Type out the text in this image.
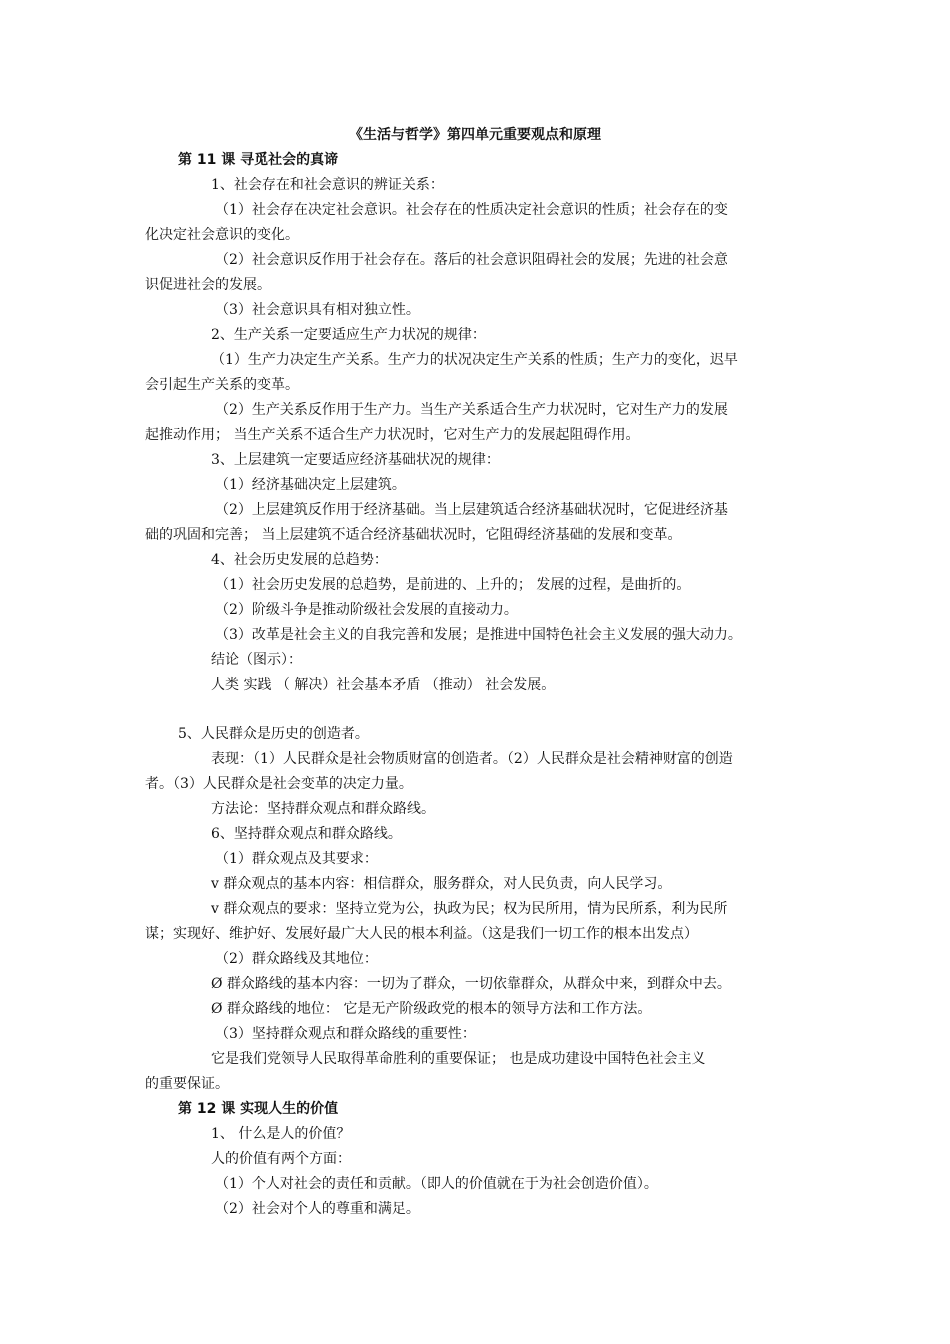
《生活与哲学》第四单元重要观点和原理
第 11 课 寻觅社会的真谛
1、社会存在和社会意识的辨证关系：
（1）社会存在决定社会意识。社会存在的性质决定社会意识的性质；社会存在的变
化决定社会意识的变化。
（2）社会意识反作用于社会存在。落后的社会意识阻碍社会的发展；先进的社会意
识促进社会的发展。
（3）社会意识具有相对独立性。
2、生产关系一定要适应生产力状况的规律：
（1）生产力决定生产关系。生产力的状况决定生产关系的性质；生产力的变化，迟早
会引起生产关系的变革。
（2）生产关系反作用于生产力。当生产关系适合生产力状况时，它对生产力的发展
起推动作用； 当生产关系不适合生产力状况时，它对生产力的发展起阻碍作用。
3、上层建筑一定要适应经济基础状况的规律：
（1）经济基础决定上层建筑。
（2）上层建筑反作用于经济基础。当上层建筑适合经济基础状况时，它促进经济基
础的巩固和完善； 当上层建筑不适合经济基础状况时，它阻碍经济基础的发展和变革。
4、社会历史发展的总趋势：
（1）社会历史发展的总趋势，是前进的、上升的； 发展的过程，是曲折的。
（2）阶级斗争是推动阶级社会发展的直接动力。
（3）改革是社会主义的自我完善和发展；是推进中国特色社会主义发展的强大动力。
结论（图示）：
人类 实践 （ 解决）社会基本矛盾 （推动） 社会发展。
5、人民群众是历史的创造者。
表现：（1）人民群众是社会物质财富的创造者。（2）人民群众是社会精神财富的创造
者。（3）人民群众是社会变革的决定力量。
方法论：坚持群众观点和群众路线。
6、坚持群众观点和群众路线。
（1）群众观点及其要求：
v 群众观点的基本内容：相信群众，服务群众，对人民负责，向人民学习。
v 群众观点的要求：坚持立党为公，执政为民；权为民所用，情为民所系，利为民所
谋；实现好、维护好、发展好最广大人民的根本利益。（这是我们一切工作的根本出发点）
（2）群众路线及其地位：
Ø 群众路线的基本内容：一切为了群众，一切依靠群众，从群众中来，到群众中去。
Ø 群众路线的地位： 它是无产阶级政党的根本的领导方法和工作方法。
（3）坚持群众观点和群众路线的重要性：
它是我们党领导人民取得革命胜利的重要保证； 也是成功建设中国特色社会主义
的重要保证。
第 12 课 实现人生的价值
1、 什么是人的价值？
人的价值有两个方面：
（1）个人对社会的责任和贡献。（即人的价值就在于为社会创造价值）。
（2）社会对个人的尊重和满足。
